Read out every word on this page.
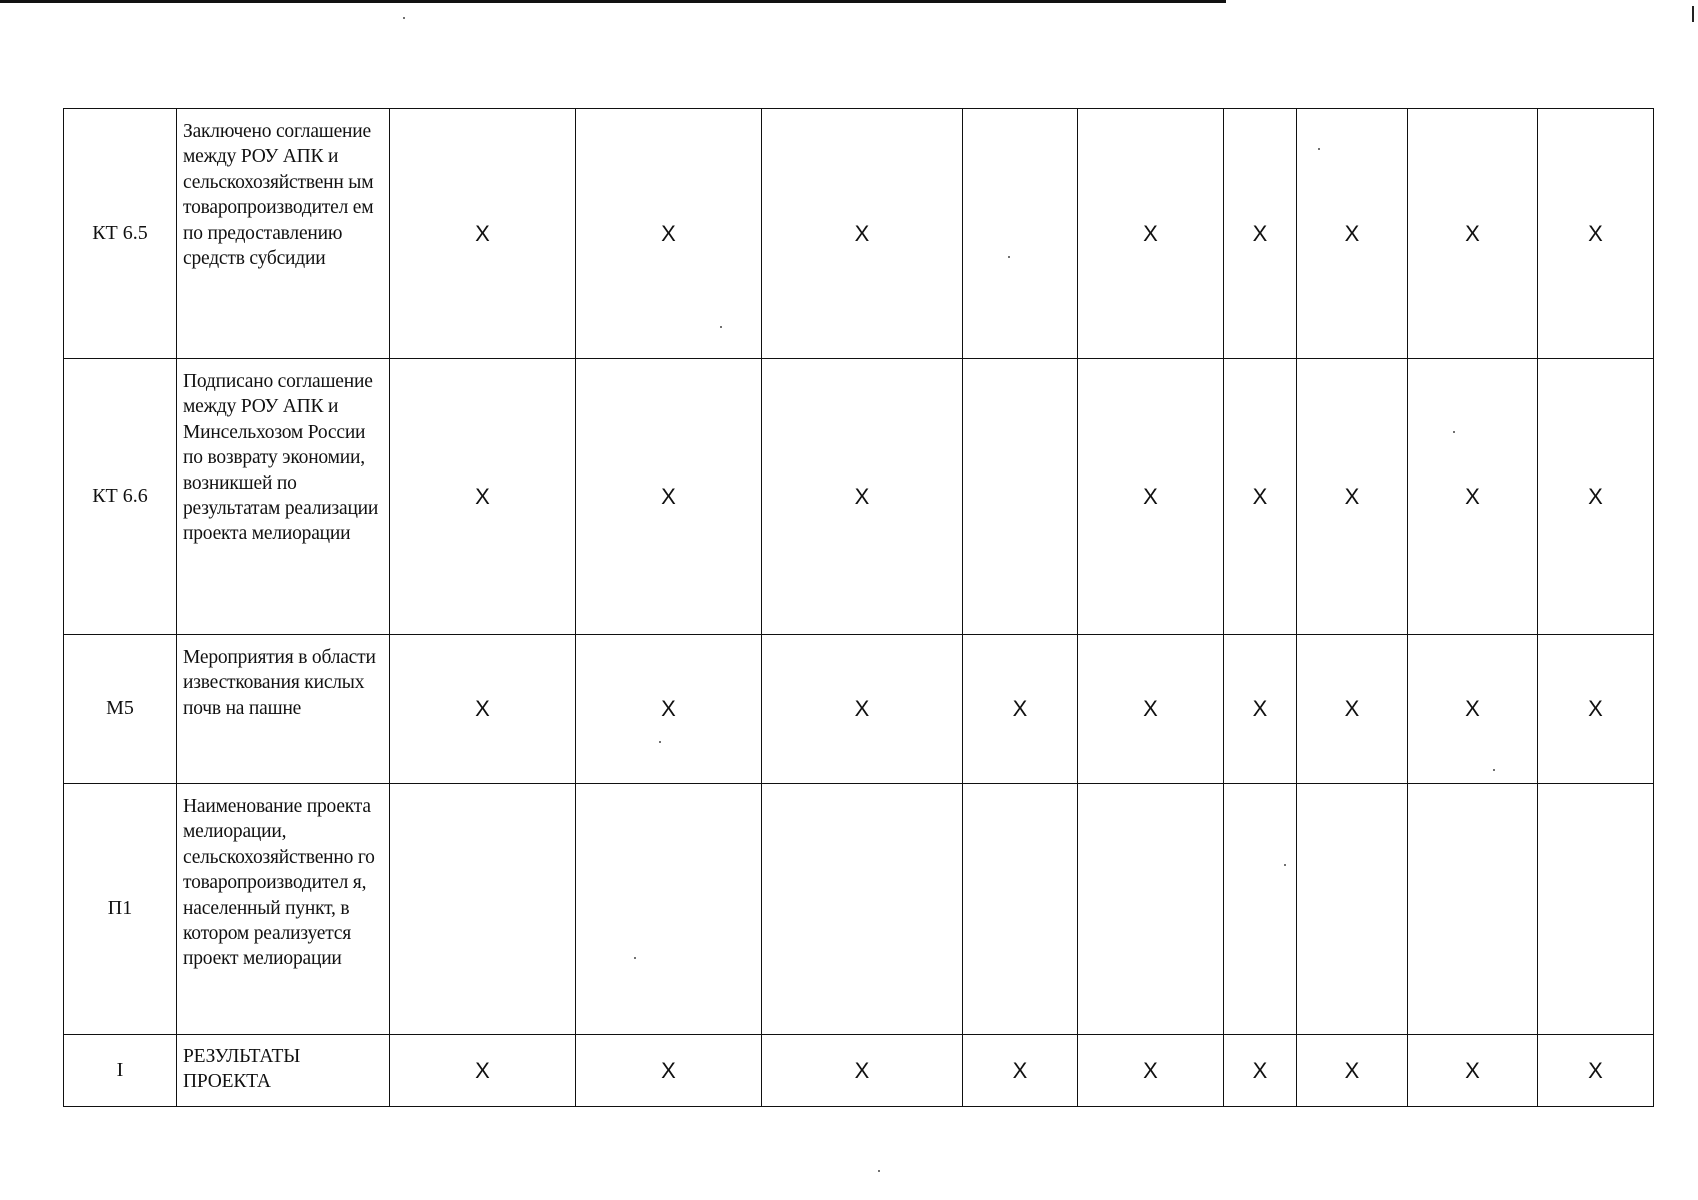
КТ 6.5	Заключено соглашение между РОУ АПК и сельскохозяйственн ым товаропроизводител ем по предоставлению средств субсидии	X	X	X		X	X	X	X	X
КТ 6.6	Подписано соглашение между РОУ АПК и Минсельхозом России по возврату экономии, возникшей по результатам реализации проекта мелиорации	X	X	X		X	X	X	X	X
М5	Мероприятия в области известкования кислых почв на пашне	X	X	X	X	X	X	X	X	X
П1	Наименование проекта мелиорации, сельскохозяйственно го товаропроизводител я, населенный пункт, в котором реализуется проект мелиорации									
I	РЕЗУЛЬТАТЫ ПРОЕКТА	X	X	X	X	X	X	X	X	X
